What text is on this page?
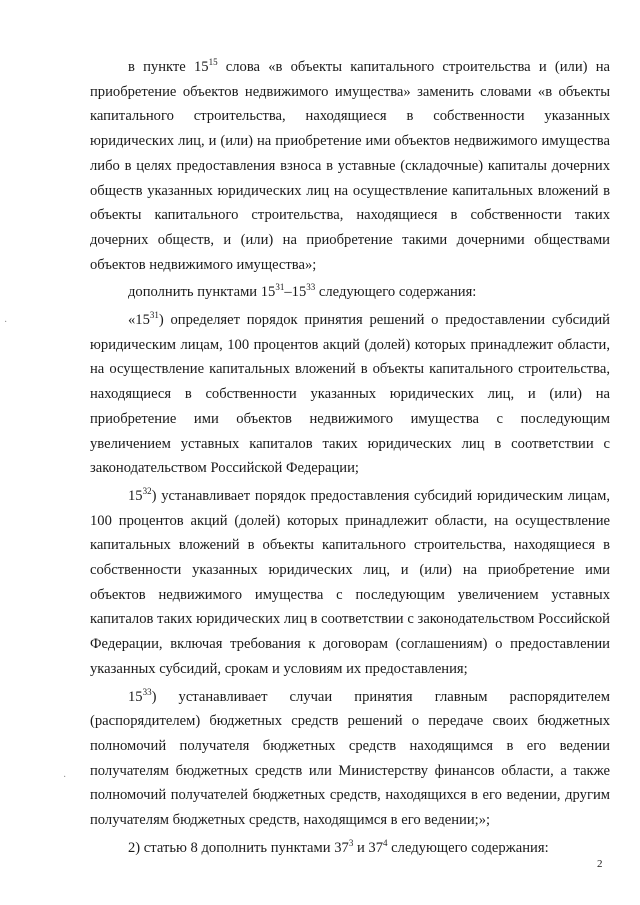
в пункте $15^{15}$ слова «в объекты капитального строительства и (или) на приобретение объектов недвижимого имущества» заменить словами «в объекты капитального строительства, находящиеся в собственности указанных юридических лиц, и (или) на приобретение ими объектов недвижимого имущества либо в целях предоставления взноса в уставные (складочные) капиталы дочерних обществ указанных юридических лиц на осуществление капитальных вложений в объекты капитального строительства, находящиеся в собственности таких дочерних обществ, и (или) на приобретение такими дочерними обществами объектов недвижимого имущества»;

дополнить пунктами $15^{31}-15^{33}$ следующего содержания:

«$15^{31}$) определяет порядок принятия решений о предоставлении субсидий юридическим лицам, 100 процентов акций (долей) которых принадлежит области, на осуществление капитальных вложений в объекты капитального строительства, находящиеся в собственности указанных юридических лиц, и (или) на приобретение ими объектов недвижимого имущества с последующим увеличением уставных капиталов таких юридических лиц в соответствии с законодательством Российской Федерации;

$15^{32}$) устанавливает порядок предоставления субсидий юридическим лицам, 100 процентов акций (долей) которых принадлежит области, на осуществление капитальных вложений в объекты капитального строительства, находящиеся в собственности указанных юридических лиц, и (или) на приобретение ими объектов недвижимого имущества с последующим увеличением уставных капиталов таких юридических лиц в соответствии с законодательством Российской Федерации, включая требования к договорам (соглашениям) о предоставлении указанных субсидий, срокам и условиям их предоставления;

$15^{33}$) устанавливает случаи принятия главным распорядителем (распорядителем) бюджетных средств решений о передаче своих бюджетных полномочий получателя бюджетных средств находящимся в его ведении получателям бюджетных средств или Министерству финансов области, а также полномочий получателей бюджетных средств, находящихся в его ведении, другим получателям бюджетных средств, находящимся в его ведении;»;

2) статью 8 дополнить пунктами $37^3$ и $37^4$ следующего содержания:

2
·
·
